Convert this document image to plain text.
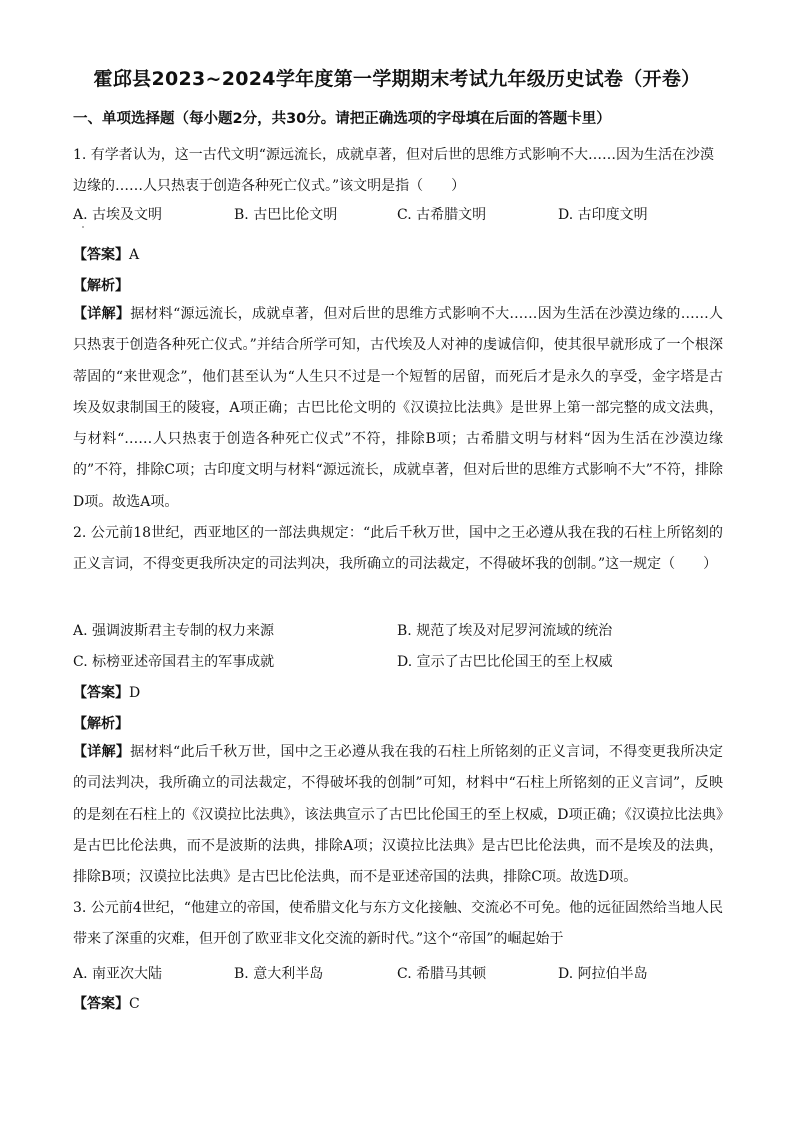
霍邱县2023~2024学年度第一学期期末考试九年级历史试卷（开卷）
一、单项选择题（每小题2分，共30分。请把正确选项的字母填在后面的答题卡里）
1. 有学者认为，这一古代文明“源远流长，成就卓著，但对后世的思维方式影响不大……因为生活在沙漠
边缘的……人只热衷于创造各种死亡仪式。”该文明是指（　　）
A. 古埃及文明	B. 古巴比伦文明	C. 古希腊文明	D. 古印度文明
【答案】A
【解析】
【详解】据材料“源远流长，成就卓著，但对后世的思维方式影响不大……因为生活在沙漠边缘的……人只热衷于创造各种死亡仪式。”并结合所学可知，古代埃及人对神的虔诚信仰，使其很早就形成了一个根深蒂固的“来世观念”，他们甚至认为“人生只不过是一个短暂的居留，而死后才是永久的享受，金字塔是古埃及奴隶制国王的陵寝，A项正确；古巴比伦文明的《汉谟拉比法典》是世界上第一部完整的成文法典，与材料“……人只热衷于创造各种死亡仪式”不符，排除B项；古希腊文明与材料“因为生活在沙漠边缘的”不符，排除C项；古印度文明与材料“源远流长，成就卓著，但对后世的思维方式影响不大”不符，排除D项。故选A项。
2. 公元前18世纪，西亚地区的一部法典规定：“此后千秋万世，国中之王必遵从我在我的石柱上所铭刻的正义言词，不得变更我所决定的司法判决，我所确立的司法裁定，不得破坏我的创制。”这一规定（　　）
A. 强调波斯君主专制的权力来源	B. 规范了埃及对尼罗河流域的统治
C. 标榜亚述帝国君主的军事成就	D. 宣示了古巴比伦国王的至上权威
【答案】D
【解析】
【详解】据材料“此后千秋万世，国中之王必遵从我在我的石柱上所铭刻的正义言词，不得变更我所决定的司法判决，我所确立的司法裁定，不得破坏我的创制”可知，材料中“石柱上所铭刻的正义言词”，反映的是刻在石柱上的《汉谟拉比法典》，该法典宣示了古巴比伦国王的至上权威，D项正确；《汉谟拉比法典》是古巴比伦法典，而不是波斯的法典，排除A项；汉谟拉比法典》是古巴比伦法典，而不是埃及的法典，排除B项；汉谟拉比法典》是古巴比伦法典，而不是亚述帝国的法典，排除C项。故选D项。
3. 公元前4世纪，“他建立的帝国，使希腊文化与东方文化接触、交流必不可免。他的远征固然给当地人民带来了深重的灾难，但开创了欧亚非文化交流的新时代。”这个“帝国”的崛起始于
A. 南亚次大陆	B. 意大利半岛	C. 希腊马其顿	D. 阿拉伯半岛
【答案】C
